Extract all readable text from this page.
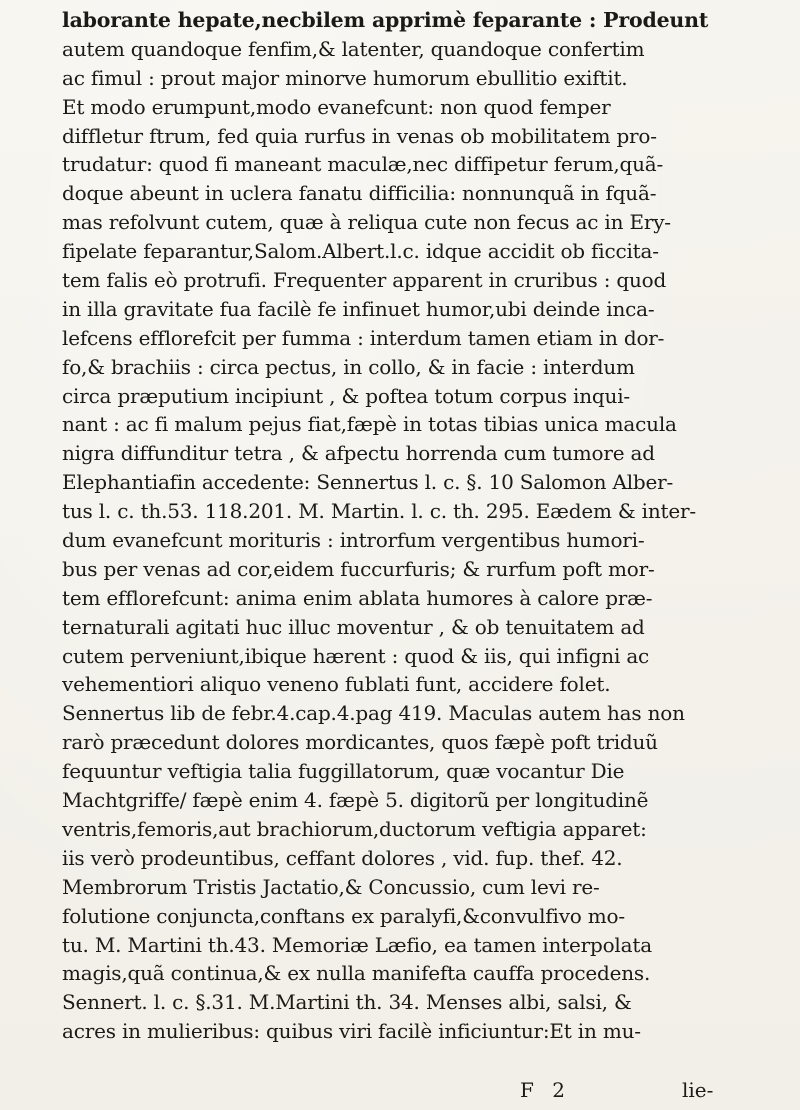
laborante hepate,necbilem apprimè feparante : Prodeunt
autem quandoque fenfim,& latenter, quandoque confertim
ac fimul : prout major minorve humorum ebullitio exiftit.
Et modo erumpunt,modo evanefcunt: non quod femper
diffletur ftrum, fed quia rurfus in venas ob mobilitatem pro-
trudatur: quod fi maneant maculæ,nec diffipetur ferum,quã-
doque abeunt in uclera fanatu difficilia: nonnunquã in fquã-
mas refolvunt cutem, quæ à reliqua cute non fecus ac in Ery-
fipelate feparantur,Salom.Albert.l.c. idque accidit ob ficcita-
tem falis eò protrufi. Frequenter apparent in cruribus : quod
in illa gravitate fua facilè fe infinuet humor,ubi deinde inca-
lefcens efflorefcit per fumma : interdum tamen etiam in dor-
fo,& brachiis : circa pectus, in collo, & in facie : interdum
circa præputium incipiunt , & poftea totum corpus inqui-
nant : ac fi malum pejus fiat,fæpè in totas tibias unica macula
nigra diffunditur tetra , & afpectu horrenda cum tumore ad
Elephantiafin accedente: Sennertus l. c. §. 10 Salomon Alber-
tus l. c. th.53. 118.201. M. Martin. l. c. th. 295. Eædem & inter-
dum evanefcunt morituris : introrfum vergentibus humori-
bus per venas ad cor,eidem fuccurfuris; & rurfum poft mor-
tem efflorefcunt: anima enim ablata humores à calore præ-
ternaturali agitati huc illuc moventur , & ob tenuitatem ad
cutem perveniunt,ibique hærent : quod & iis, qui infigni ac
vehementiori aliquo veneno fublati funt, accidere folet.
Sennertus lib de febr.4.cap.4.pag 419. Maculas autem has non
rarò præcedunt dolores mordicantes, quos fæpè poft triduũ
fequuntur veftigia talia fuggillatorum, quæ vocantur Die
Machtgriffe/ fæpè enim 4. fæpè 5. digitorũ per longitudinẽ
ventris,femoris,aut brachiorum,ductorum veftigia apparet:
iis verò prodeuntibus, ceffant dolores , vid. fup. thef. 42.
Membrorum Tristis Jactatio,& Concussio, cum levi re-
folutione conjuncta,conftans ex paralyfi,&convulfivo mo-
tu. M. Martini th.43. Memoriæ Læfio, ea tamen interpolata
magis,quã continua,& ex nulla manifefta cauffa procedens.
Sennert. l. c. §.31. M.Martini th. 34. Menses albi, salsi, &
acres in mulieribus: quibus viri facilè inficiuntur:Et in mu-
F 2	lie-
